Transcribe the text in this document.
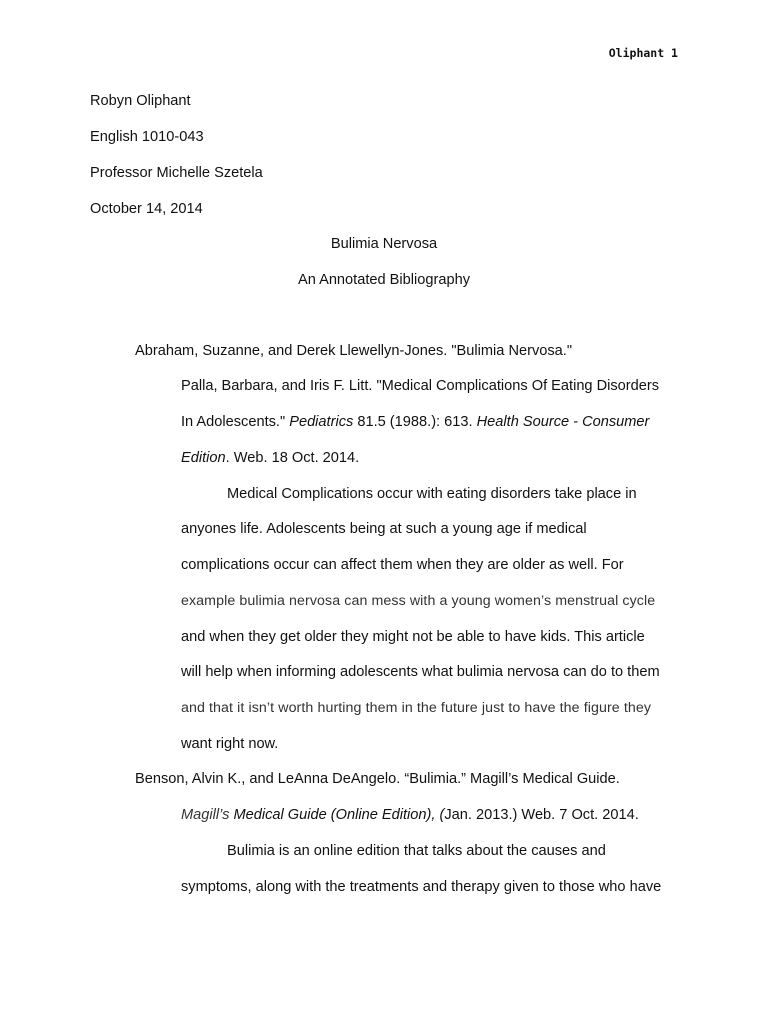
Oliphant 1
Robyn Oliphant
English 1010-043
Professor Michelle Szetela
October 14, 2014
Bulimia Nervosa
An Annotated Bibliography
Abraham, Suzanne, and Derek Llewellyn-Jones. "Bulimia Nervosa."
Palla, Barbara, and Iris F. Litt. "Medical Complications Of Eating Disorders
In Adolescents." Pediatrics 81.5 (1988.): 613. Health Source - Consumer
Edition. Web. 18 Oct. 2014.
Medical Complications occur with eating disorders take place in
anyones life. Adolescents being at such a young age if medical
complications occur can affect them when they are older as well. For
example bulimia nervosa can mess with a young women’s menstrual cycle
and when they get older they might not be able to have kids. This article
will help when informing adolescents what bulimia nervosa can do to them
and that it isn’t worth hurting them in the future just to have the figure they
want right now.
Benson, Alvin K., and LeAnna DeAngelo. “Bulimia.” Magill’s Medical Guide.
Magill’s Medical Guide (Online Edition), (Jan. 2013.) Web. 7 Oct. 2014.
Bulimia is an online edition that talks about the causes and
symptoms, along with the treatments and therapy given to those who have
